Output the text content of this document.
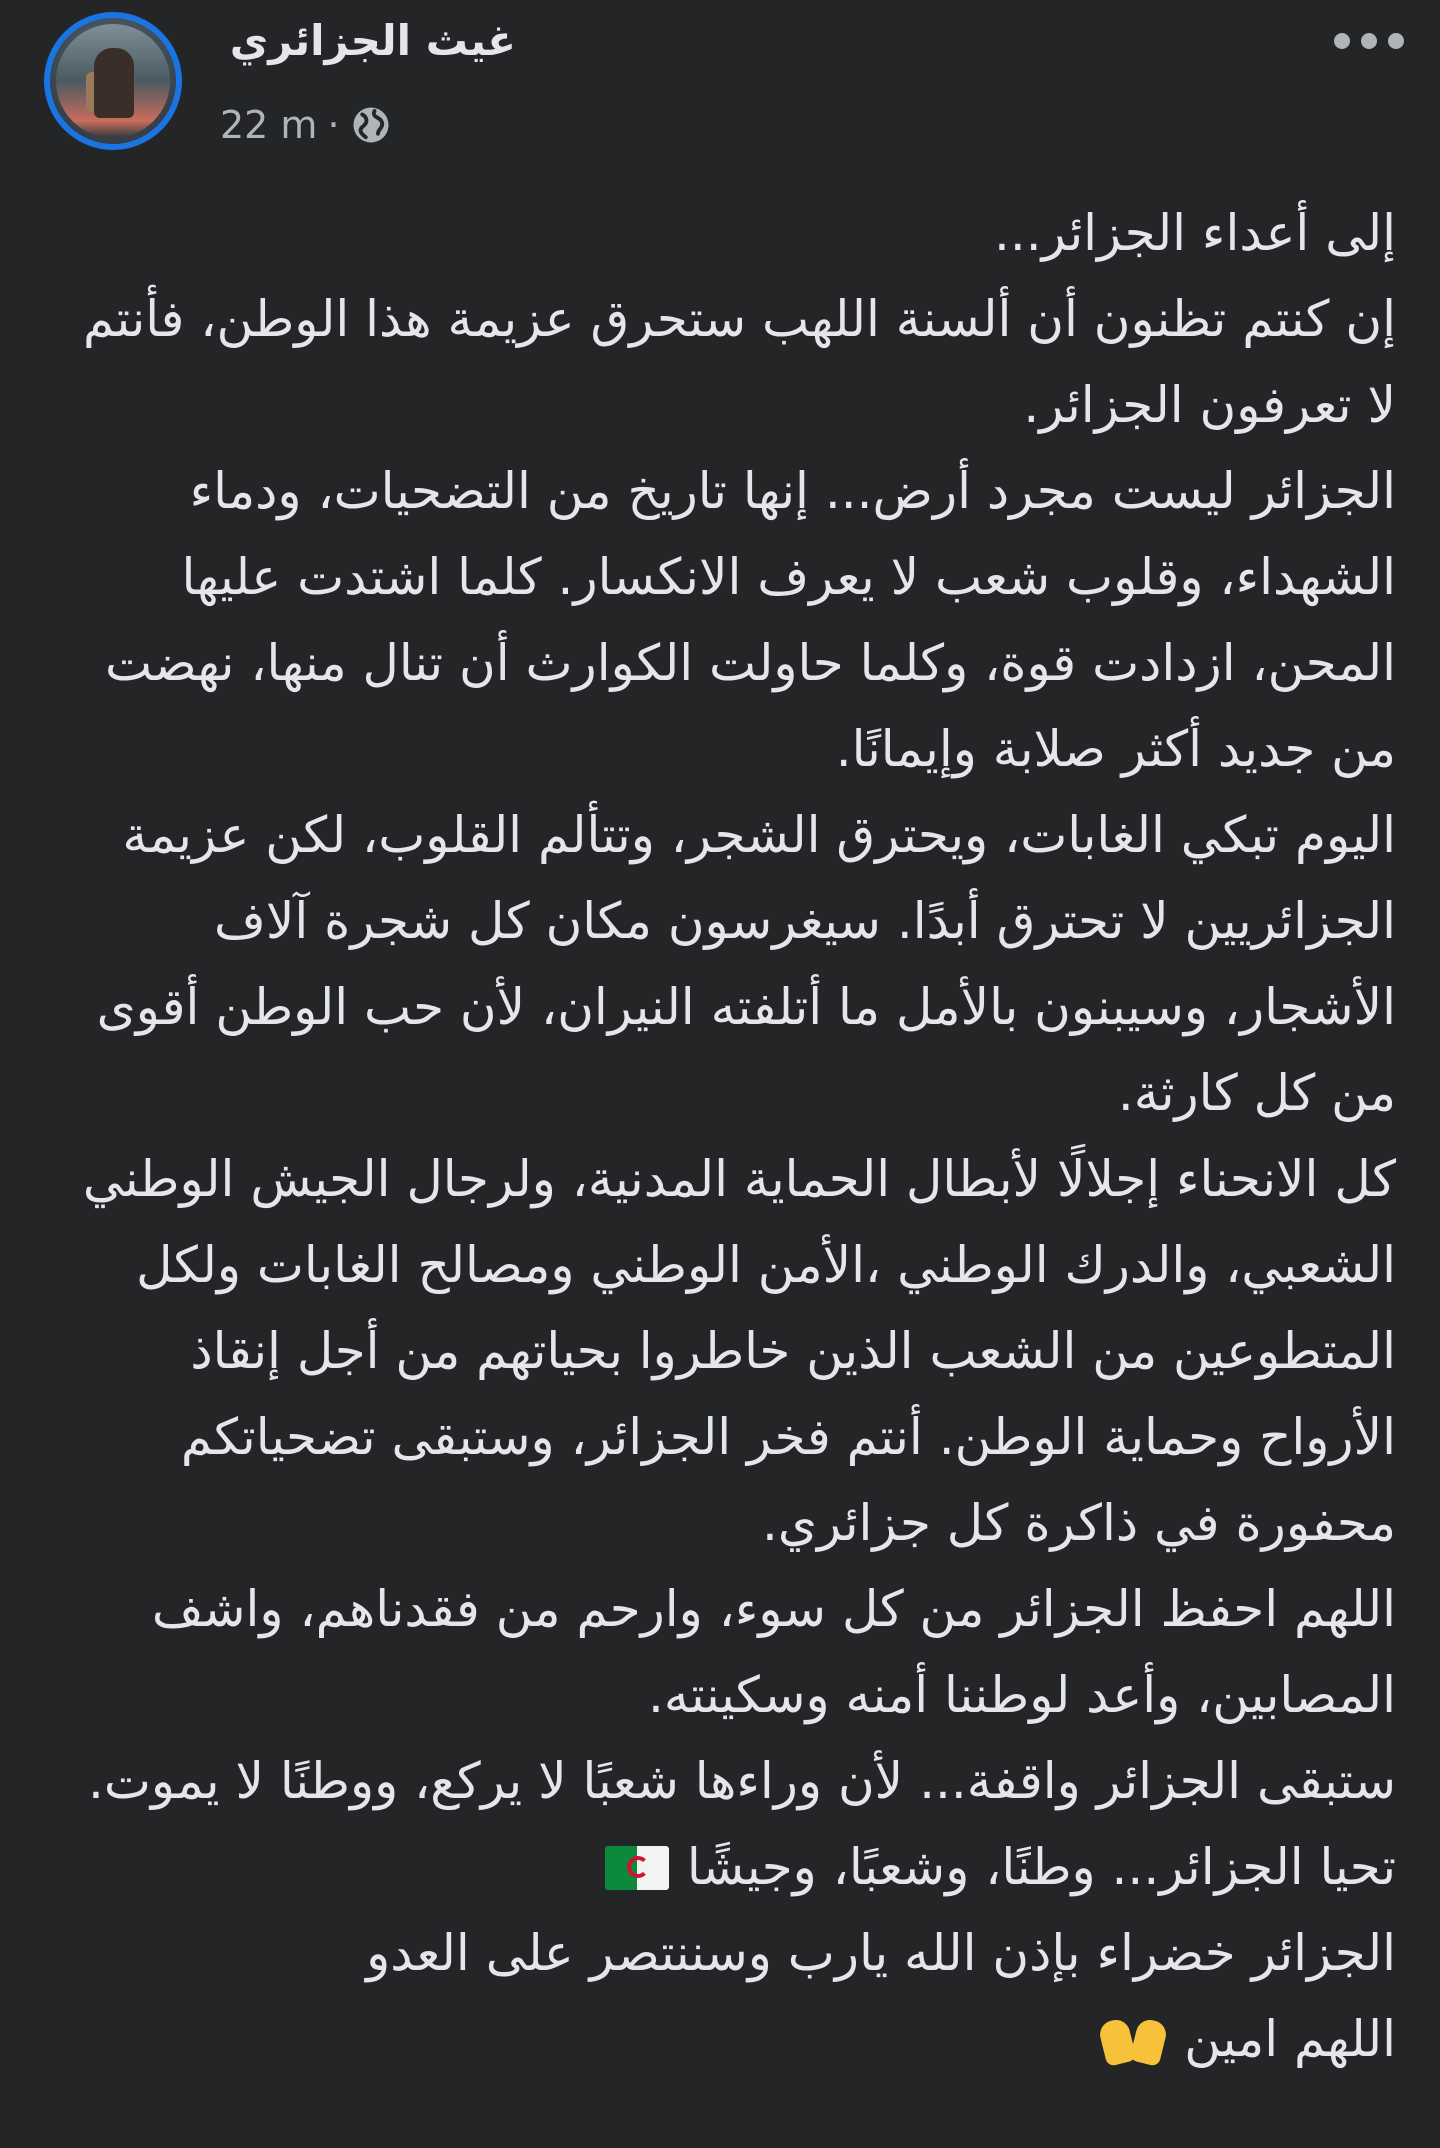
غيث الجزائري
22 m ·

إلى أعداء الجزائر...

إن كنتم تظنون أن ألسنة اللهب ستحرق عزيمة هذا الوطن، فأنتم لا تعرفون الجزائر.

الجزائر ليست مجرد أرض... إنها تاريخ من التضحيات، ودماء الشهداء، وقلوب شعب لا يعرف الانكسار. كلما اشتدت عليها المحن، ازدادت قوة، وكلما حاولت الكوارث أن تنال منها، نهضت من جديد أكثر صلابة وإيمانًا.

اليوم تبكي الغابات، ويحترق الشجر، وتتألم القلوب، لكن عزيمة الجزائريين لا تحترق أبدًا. سيغرسون مكان كل شجرة آلاف الأشجار، وسيبنون بالأمل ما أتلفته النيران، لأن حب الوطن أقوى من كل كارثة.

كل الانحناء إجلالًا لأبطال الحماية المدنية، ولرجال الجيش الوطني الشعبي، والدرك الوطني ،الأمن الوطني ومصالح الغابات ولكل المتطوعين من الشعب الذين خاطروا بحياتهم من أجل إنقاذ الأرواح وحماية الوطن. أنتم فخر الجزائر، وستبقى تضحياتكم محفورة في ذاكرة كل جزائري.

اللهم احفظ الجزائر من كل سوء، وارحم من فقدناهم، واشف المصابين، وأعد لوطننا أمنه وسكينته.

ستبقى الجزائر واقفة... لأن وراءها شعبًا لا يركع، ووطنًا لا يموت.

تحيا الجزائر... وطنًا، وشعبًا، وجيشًا

الجزائر خضراء بإذن الله يارب وسننتصر على العدو

اللهم امين
